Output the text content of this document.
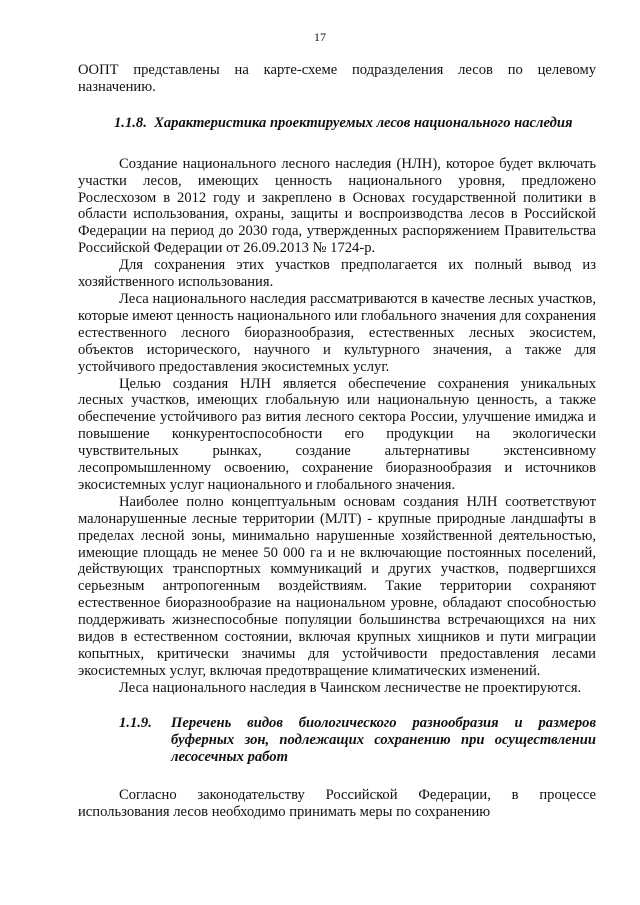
17

ООПТ представлены на карте-схеме подразделения лесов по целевому назначению.

1.1.8. Характеристика проектируемых лесов национального наследия

Создание национального лесного наследия (НЛН), которое будет включать участки лесов, имеющих ценность национального уровня, предложено Рослесхозом в 2012 году и закреплено в Основах государственной политики в области использования, охраны, защиты и воспроизводства лесов в Российской Федерации на период до 2030 года, утвержденных распоряжением Правительства Российской Федерации от 26.09.2013 № 1724-р.

Для сохранения этих участков предполагается их полный вывод из хозяйственного использования.

Леса национального наследия рассматриваются в качестве лесных участков, которые имеют ценность национального или глобального значения для сохранения естественного лесного биоразнообразия, естественных лесных экосистем, объектов исторического, научного и культурного значения, а также для устойчивого предоставления экосистемных услуг.

Целью создания НЛН является обеспечение сохранения уникальных лесных участков, имеющих глобальную или национальную ценность, а также обеспечение устойчивого раз вития лесного сектора России, улучшение имиджа и повышение конкурентоспособности его продукции на экологически чувствительных рынках, создание альтернативы экстенсивному лесопромышленному освоению, сохранение биоразнообразия и источников экосистемных услуг национального и глобального значения.

Наиболее полно концептуальным основам создания НЛН соответствуют малонарушенные лесные территории (МЛТ) - крупные природные ландшафты в пределах лесной зоны, минимально нарушенные хозяйственной деятельностью, имеющие площадь не менее 50 000 га и не включающие постоянных поселений, действующих транспортных коммуникаций и других участков, подвергшихся серьезным антропогенным воздействиям. Такие территории сохраняют естественное биоразнообразие на национальном уровне, обладают способностью поддерживать жизнеспособные популяции большинства встречающихся на них видов в естественном состоянии, включая крупных хищников и пути миграции копытных, критически значимы для устойчивости предоставления лесами экосистемных услуг, включая предотвращение климатических изменений.

Леса национального наследия в Чаинском лесничестве не проектируются.

1.1.9.	Перечень видов биологического разнообразия и размеров буферных зон, подлежащих сохранению при осуществлении лесосечных работ

Согласно законодательству Российской Федерации, в процессе использования лесов необходимо принимать меры по сохранению
